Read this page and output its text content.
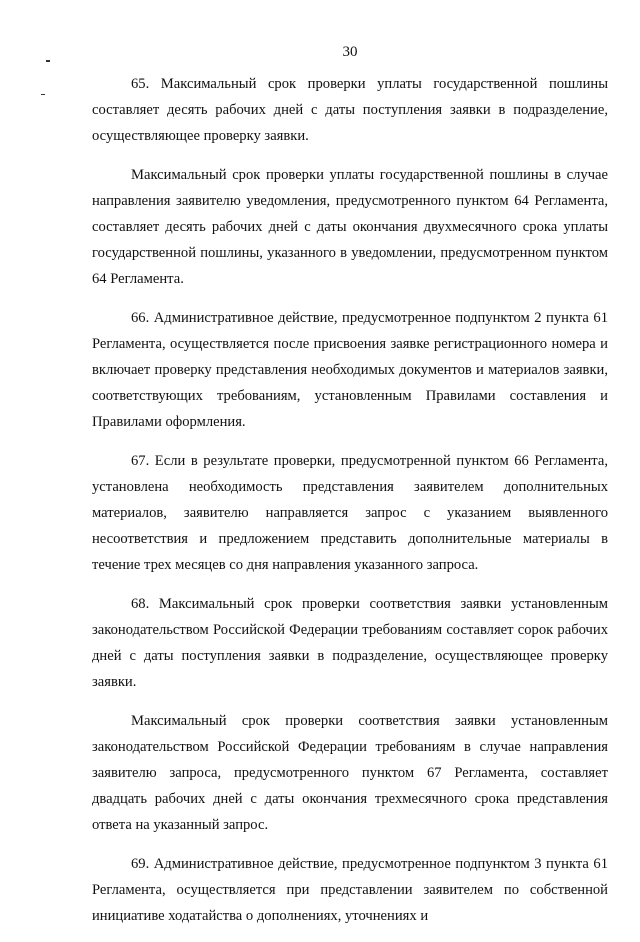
30

65. Максимальный срок проверки уплаты государственной пошлины составляет десять рабочих дней с даты поступления заявки в подразделение, осуществляющее проверку заявки.

Максимальный срок проверки уплаты государственной пошлины в случае направления заявителю уведомления, предусмотренного пунктом 64 Регламента, составляет десять рабочих дней с даты окончания двухмесячного срока уплаты государственной пошлины, указанного в уведомлении, предусмотренном пунктом 64 Регламента.

66. Административное действие, предусмотренное подпунктом 2 пункта 61 Регламента, осуществляется после присвоения заявке регистрационного номера и включает проверку представления необходимых документов и материалов заявки, соответствующих требованиям, установленным Правилами составления и Правилами оформления.

67. Если в результате проверки, предусмотренной пунктом 66 Регламента, установлена необходимость представления заявителем дополнительных материалов, заявителю направляется запрос с указанием выявленного несоответствия и предложением представить дополнительные материалы в течение трех месяцев со дня направления указанного запроса.

68. Максимальный срок проверки соответствия заявки установленным законодательством Российской Федерации требованиям составляет сорок рабочих дней с даты поступления заявки в подразделение, осуществляющее проверку заявки.

Максимальный срок проверки соответствия заявки установленным законодательством Российской Федерации требованиям в случае направления заявителю запроса, предусмотренного пунктом 67 Регламента, составляет двадцать рабочих дней с даты окончания трехмесячного срока представления ответа на указанный запрос.

69. Административное действие, предусмотренное подпунктом 3 пункта 61 Регламента, осуществляется при представлении заявителем по собственной инициативе ходатайства о дополнениях, уточнениях и
